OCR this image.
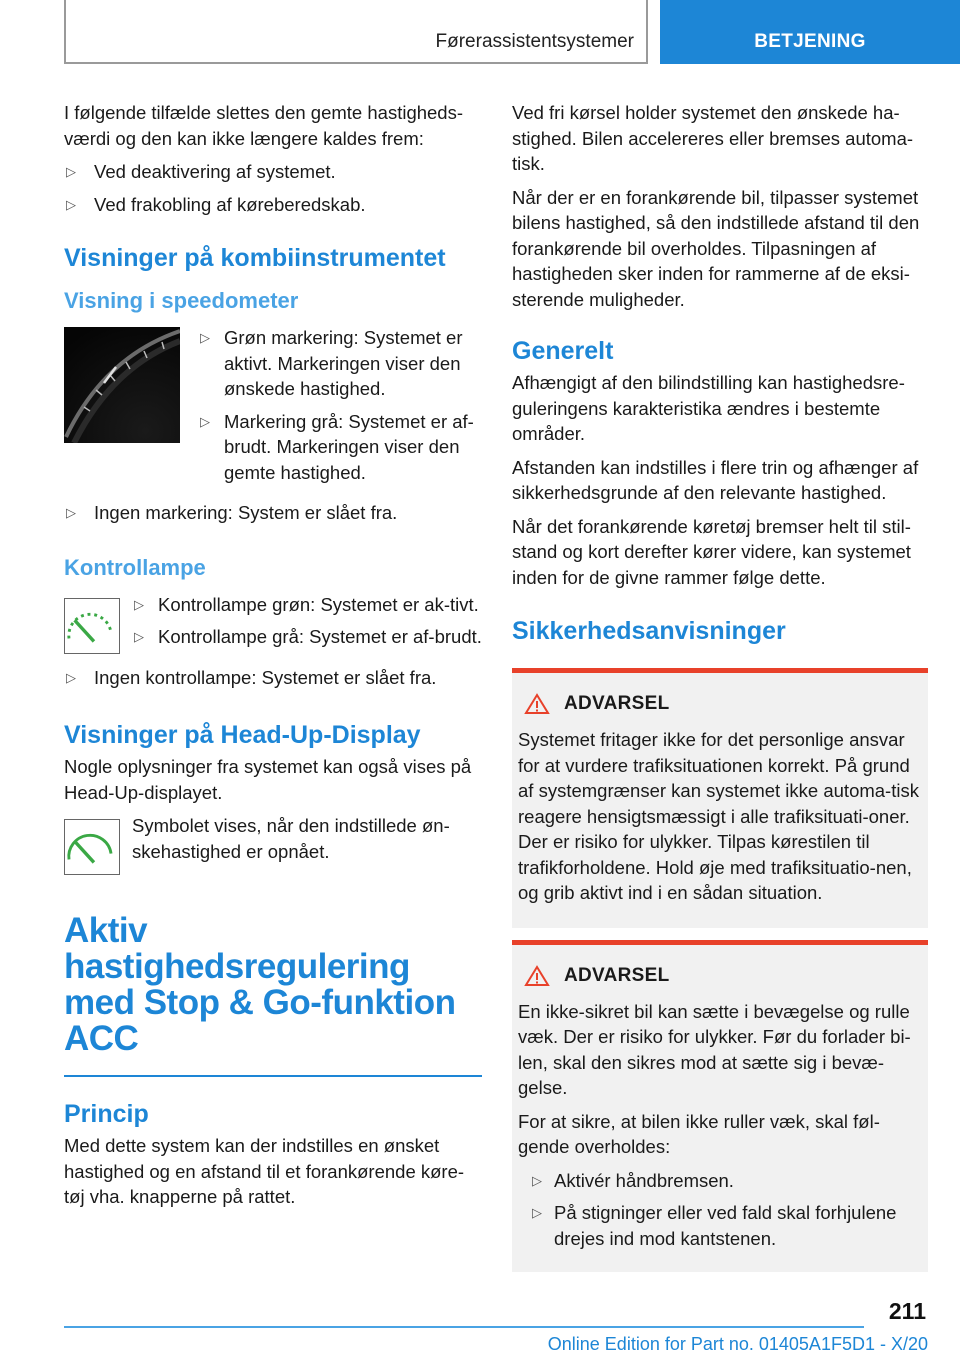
Førerassistentsystemer	BETJENING

I følgende tilfælde slettes den gemte hastigheds-værdi og den kan ikke længere kaldes frem:

▷ Ved deaktivering af systemet.
▷ Ved frakobling af køreberedskab.
Visninger på kombiinstrumentet
Visning i speedometer
▷ Grøn markering: Systemet er aktivt. Markeringen viser den ønskede hastighed.
▷ Markering grå: Systemet er af-brudt. Markeringen viser den gemte hastighed.
▷ Ingen markering: System er slået fra.
Kontrollampe
▷ Kontrollampe grøn: Systemet er ak-tivt.
▷ Kontrollampe grå: Systemet er af-brudt.
▷ Ingen kontrollampe: Systemet er slået fra.
Visninger på Head-Up-Display

Nogle oplysninger fra systemet kan også vises på Head-Up-displayet.

Symbolet vises, når den indstillede øn-skehastighed er opnået.

Aktiv hastighedsregulering med Stop & Go-funktion ACC
Princip

Med dette system kan der indstilles en ønsket hastighed og en afstand til et forankørende køre-tøj vha. knapperne på rattet.

Ved fri kørsel holder systemet den ønskede ha-stighed. Bilen accelereres eller bremses automa-tisk.

Når der er en forankørende bil, tilpasser systemet bilens hastighed, så den indstillede afstand til den forankørende bil overholdes. Tilpasningen af hastigheden sker inden for rammerne af de eksi-sterende muligheder.

Generelt

Afhængigt af den bilindstilling kan hastighedsre-guleringens karakteristika ændres i bestemte områder.

Afstanden kan indstilles i flere trin og afhænger af sikkerhedsgrunde af den relevante hastighed.

Når det forankørende køretøj bremser helt til stil-stand og kort derefter kører videre, kan systemet inden for de givne rammer følge dette.

Sikkerhedsanvisninger
ADVARSEL

Systemet fritager ikke for det personlige ansvar for at vurdere trafiksituationen korrekt. På grund af systemgrænser kan systemet ikke automa-tisk reagere hensigtsmæssigt i alle trafiksituati-oner. Der er risiko for ulykker. Tilpas kørestilen til trafikforholdene. Hold øje med trafiksituatio-nen, og grib aktivt ind i en sådan situation.

ADVARSEL

En ikke-sikret bil kan sætte i bevægelse og rulle væk. Der er risiko for ulykker. Før du forlader bi-len, skal den sikres mod at sætte sig i bevæ-gelse.

For at sikre, at bilen ikke ruller væk, skal føl-gende overholdes:

▷ Aktivér håndbremsen.
▷ På stigninger eller ved fald skal forhjulene drejes ind mod kantstenen.
211
Online Edition for Part no. 01405A1F5D1 - X/20
